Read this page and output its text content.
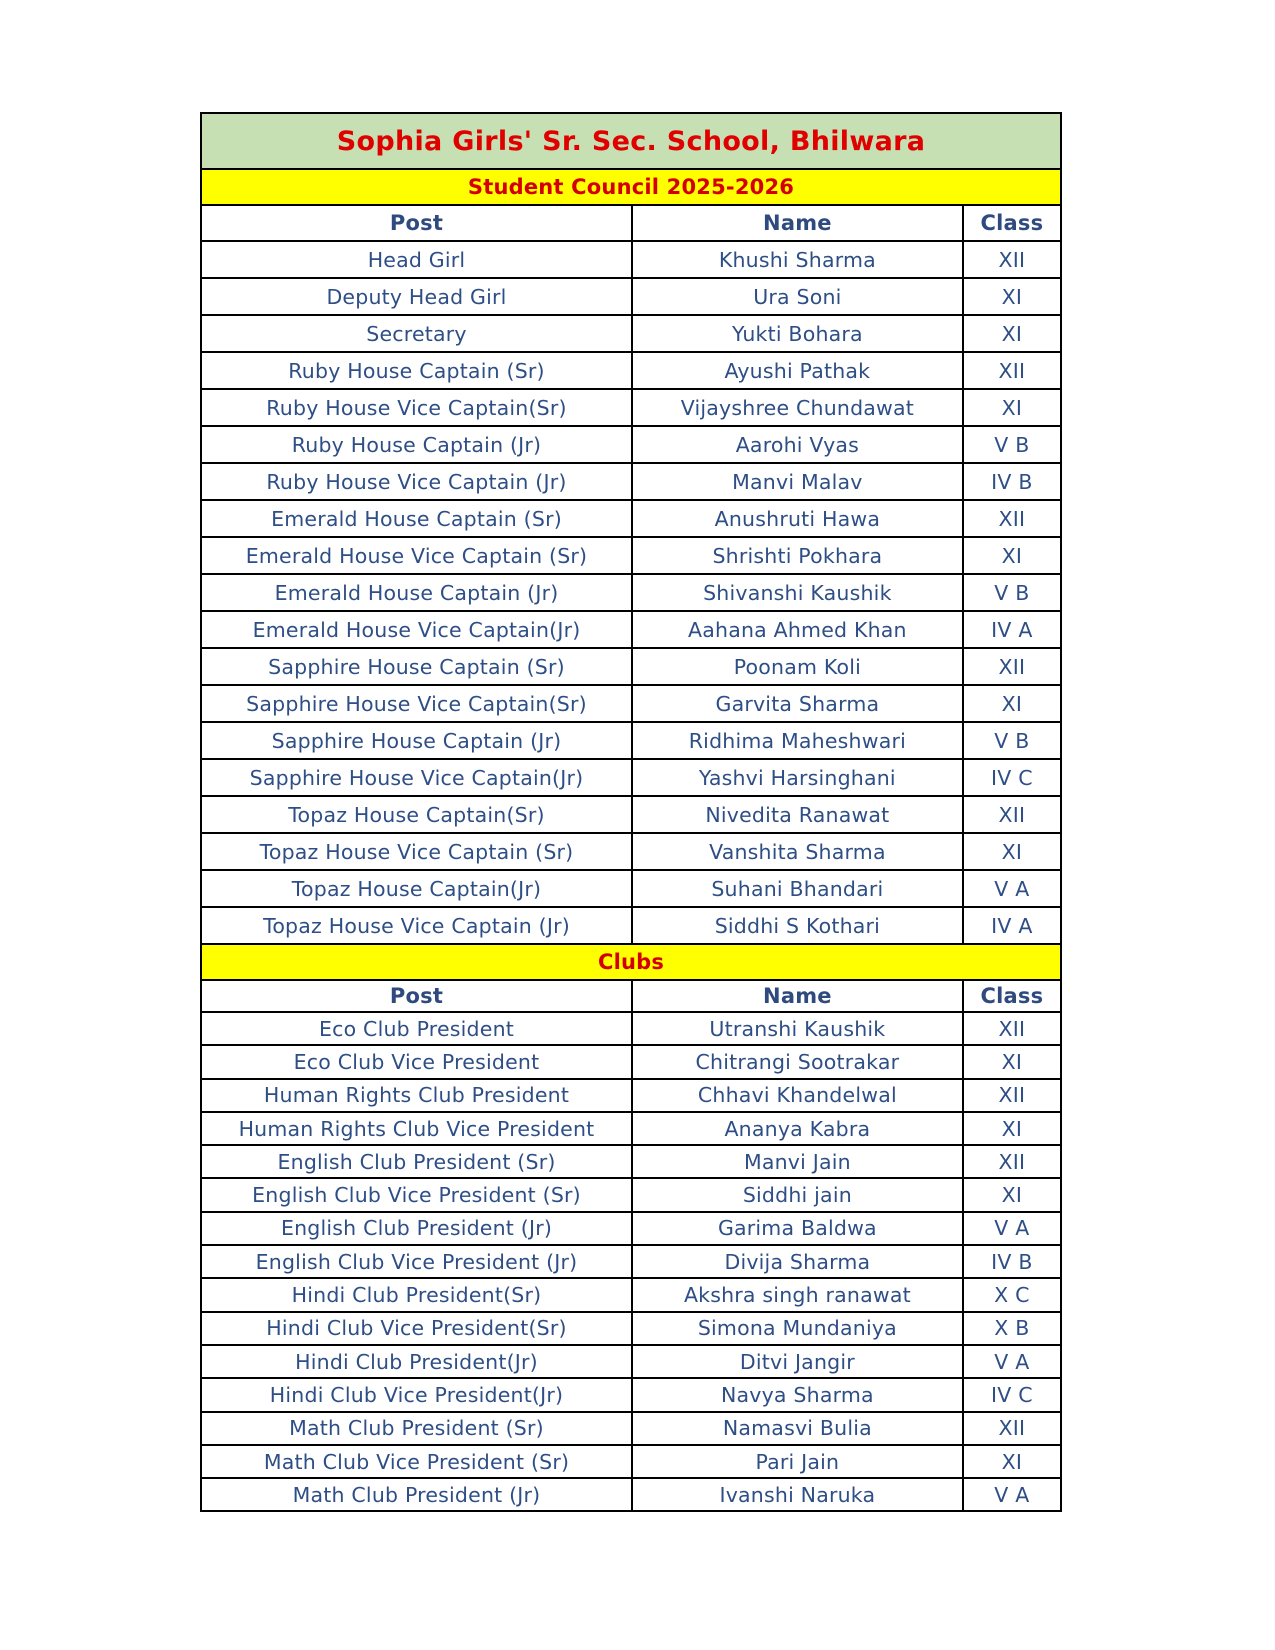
Sophia Girls' Sr. Sec. School, Bhilwara		
Student Council 2025-2026		
Post	Name	Class
Head Girl	Khushi Sharma	XII
Deputy Head Girl	Ura Soni	XI
Secretary	Yukti Bohara	XI
Ruby House Captain (Sr)	Ayushi Pathak	XII
Ruby House Vice Captain(Sr)	Vijayshree Chundawat	XI
Ruby House Captain (Jr)	Aarohi Vyas	V B
Ruby House Vice Captain (Jr)	Manvi Malav	IV B
Emerald House Captain (Sr)	Anushruti Hawa	XII
Emerald House Vice Captain (Sr)	Shrishti Pokhara	XI
Emerald House Captain (Jr)	Shivanshi Kaushik	V B
Emerald House Vice Captain(Jr)	Aahana Ahmed Khan	IV A
Sapphire House Captain (Sr)	Poonam Koli	XII
Sapphire House Vice Captain(Sr)	Garvita Sharma	XI
Sapphire House Captain (Jr)	Ridhima Maheshwari	V B
Sapphire House Vice Captain(Jr)	Yashvi Harsinghani	IV C
Topaz House Captain(Sr)	Nivedita Ranawat	XII
Topaz House Vice Captain (Sr)	Vanshita Sharma	XI
Topaz House Captain(Jr)	Suhani Bhandari	V A
Topaz House Vice Captain (Jr)	Siddhi S Kothari	IV A
Clubs		
Post	Name	Class
Eco Club President	Utranshi Kaushik	XII
Eco Club Vice President	Chitrangi Sootrakar	XI
Human Rights Club President	Chhavi Khandelwal	XII
Human Rights Club Vice President	Ananya Kabra	XI
English Club President (Sr)	Manvi Jain	XII
English Club Vice President (Sr)	Siddhi jain	XI
English Club President (Jr)	Garima Baldwa	V A
English Club Vice President (Jr)	Divija Sharma	IV B
Hindi Club President(Sr)	Akshra singh ranawat	X C
Hindi Club Vice President(Sr)	Simona Mundaniya	X B
Hindi Club President(Jr)	Ditvi Jangir	V A
Hindi Club Vice President(Jr)	Navya Sharma	IV C
Math Club President (Sr)	Namasvi Bulia	XII
Math Club Vice President (Sr)	Pari Jain	XI
Math Club President (Jr)	Ivanshi Naruka	V A
